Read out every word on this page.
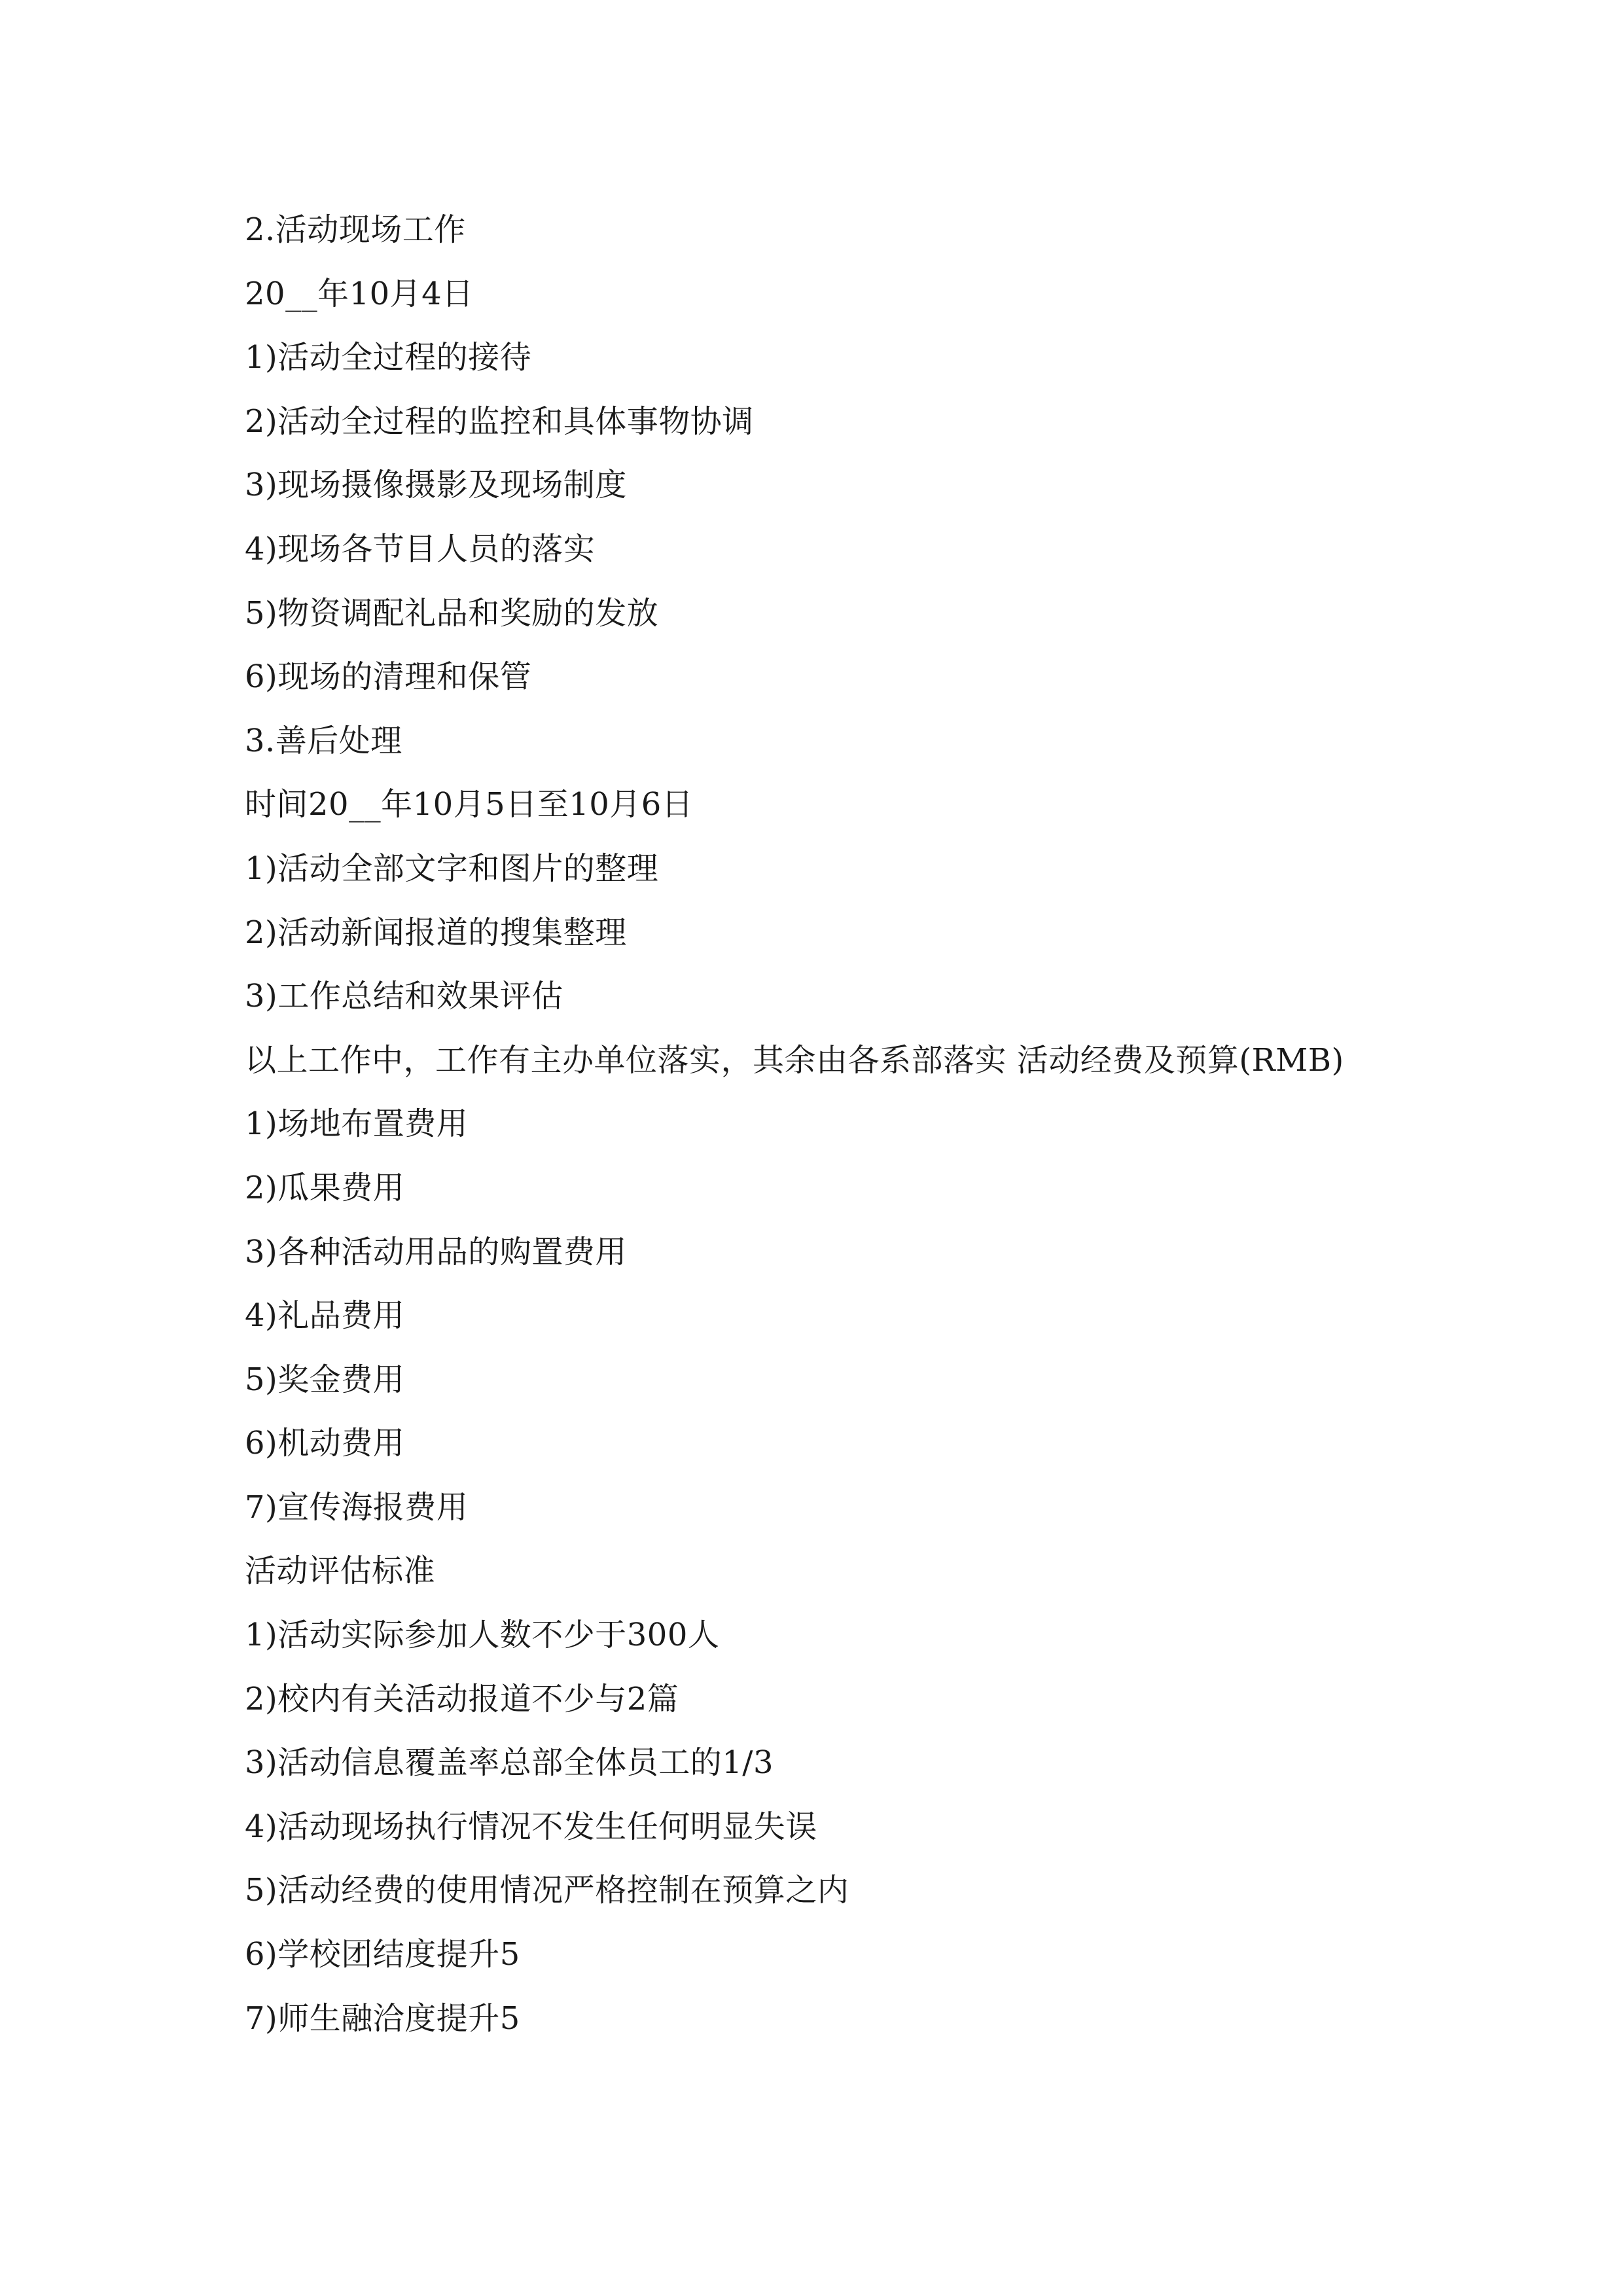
2.活动现场工作
20__年10月4日
1)活动全过程的接待
2)活动全过程的监控和具体事物协调
3)现场摄像摄影及现场制度
4)现场各节目人员的落实
5)物资调配礼品和奖励的发放
6)现场的清理和保管
3.善后处理
时间20__年10月5日至10月6日
1)活动全部文字和图片的整理
2)活动新闻报道的搜集整理
3)工作总结和效果评估
以上工作中，工作有主办单位落实，其余由各系部落实 活动经费及预算(RMB)
1)场地布置费用
2)瓜果费用
3)各种活动用品的购置费用
4)礼品费用
5)奖金费用
6)机动费用
7)宣传海报费用
活动评估标准
1)活动实际参加人数不少于300人
2)校内有关活动报道不少与2篇
3)活动信息覆盖率总部全体员工的1/3
4)活动现场执行情况不发生任何明显失误
5)活动经费的使用情况严格控制在预算之内
6)学校团结度提升5
7)师生融洽度提升5
